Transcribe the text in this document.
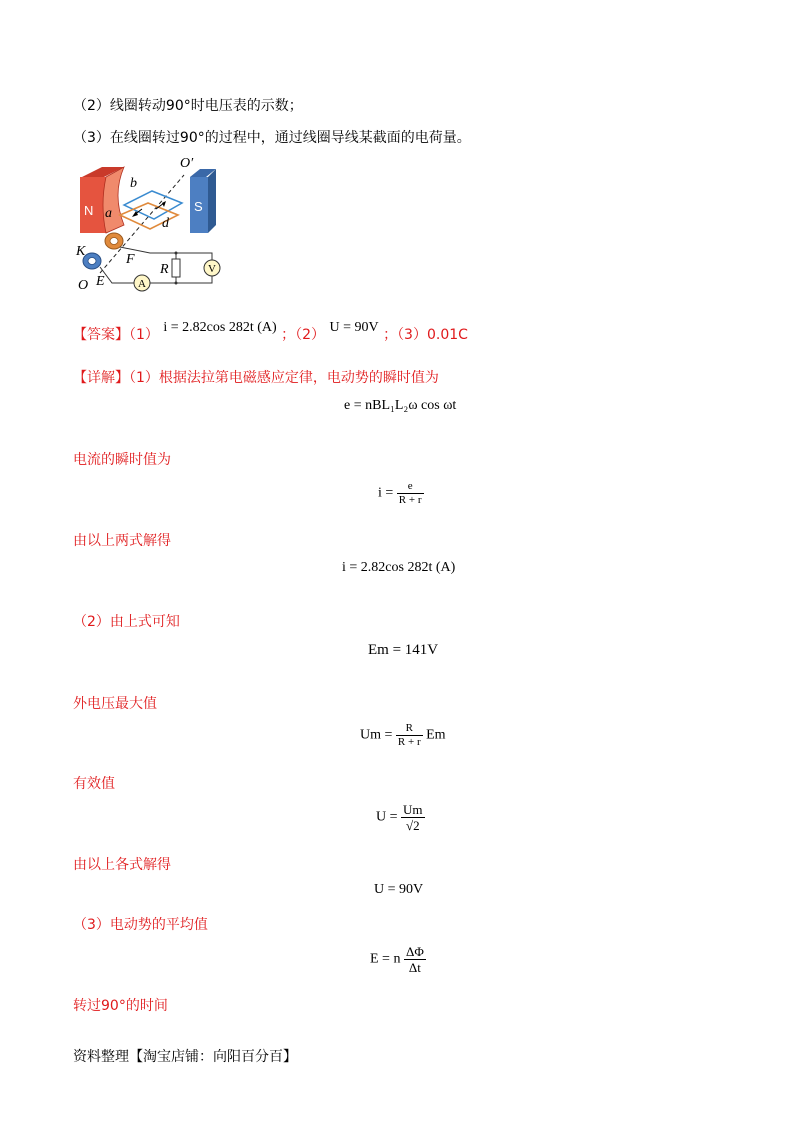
（2）线圈转动90°时电压表的示数；
（3）在线圈转过90°的过程中，通过线圈导线某截面的电荷量。
O′
b
a
d
K
F
R
O E
N	S
V
A
【答案】（1） i = 2.82cos 282t (A) ；（2） U = 90V ；（3）0.01C
【详解】（1）根据法拉第电磁感应定律，电动势的瞬时值为
e = nBL₁L₂ω cos ωt
电流的瞬时值为
$i = \frac{e}{R + r}$
由以上两式解得
i = 2.82cos 282t (A)
（2）由上式可知
Em = 141V
外电压最大值
$Um = \frac{R}{R + r}$ Em
有效值
$U = \frac{Um}{√2}$
由以上各式解得
U = 90V
（3）电动势的平均值
E = n $\frac{\Delta\Phi}{\Delta t}$
转过90°的时间
资料整理【淘宝店铺：向阳百分百】
